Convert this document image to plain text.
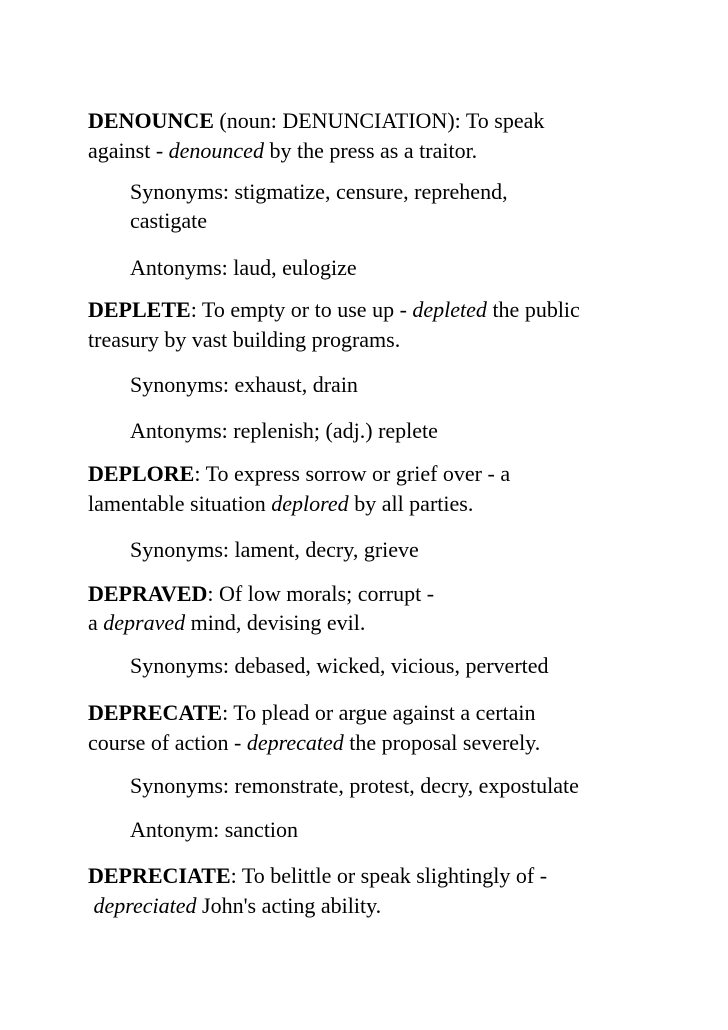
DENOUNCE (noun: DENUNCIATION): To speak

against - denounced by the press as a traitor.

Synonyms: stigmatize, censure, reprehend,

castigate

Antonyms: laud, eulogize

DEPLETE: To empty or to use up - depleted the public

treasury by vast building programs.

Synonyms: exhaust, drain

Antonyms: replenish; (adj.) replete

DEPLORE: To express sorrow or grief over - a

lamentable situation deplored by all parties.

Synonyms: lament, decry, grieve

DEPRAVED: Of low morals; corrupt -

a depraved mind, devising evil.

Synonyms: debased, wicked, vicious, perverted

DEPRECATE: To plead or argue against a certain

course of action - deprecated the proposal severely.

Synonyms: remonstrate, protest, decry, expostulate

Antonym: sanction

DEPRECIATE: To belittle or speak slightingly of -

depreciated John's acting ability.
